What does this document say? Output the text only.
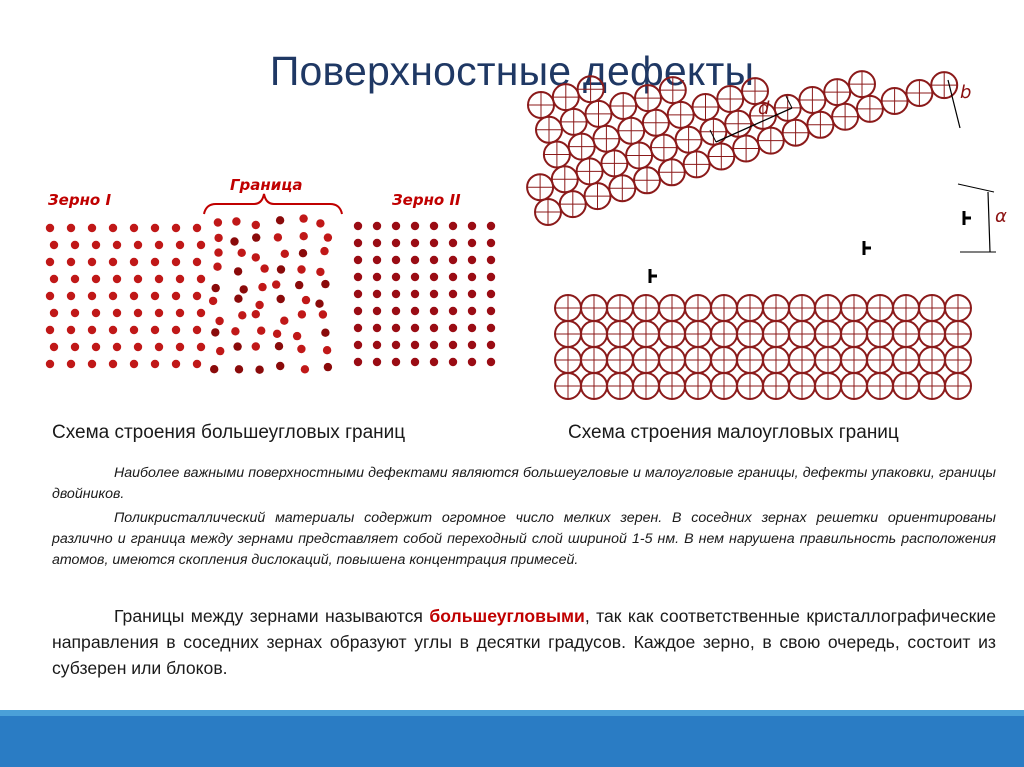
Поверхностные дефекты
Зерно I
Граница
Зерно II
d
b
α
Схема строения большеугловых границ	Схема строения малоугловых границ
Наиболее важными поверхностными дефектами являются большеугловые и малоугловые границы, дефекты упаковки, границы двойников.
Поликристаллический материалы содержит огромное число мелких зерен. В соседних зернах решетки ориентированы различно и граница между зернами представляет собой переходный слой шириной 1-5 нм. В нем нарушена правильность расположения атомов, имеются скопления дислокаций, повышена концентрация примесей.
Границы между зернами называются большеугловыми, так как соответственные кристаллографические направления в соседних зернах образуют углы в десятки градусов. Каждое зерно, в свою очередь, состоит из субзерен или блоков.
